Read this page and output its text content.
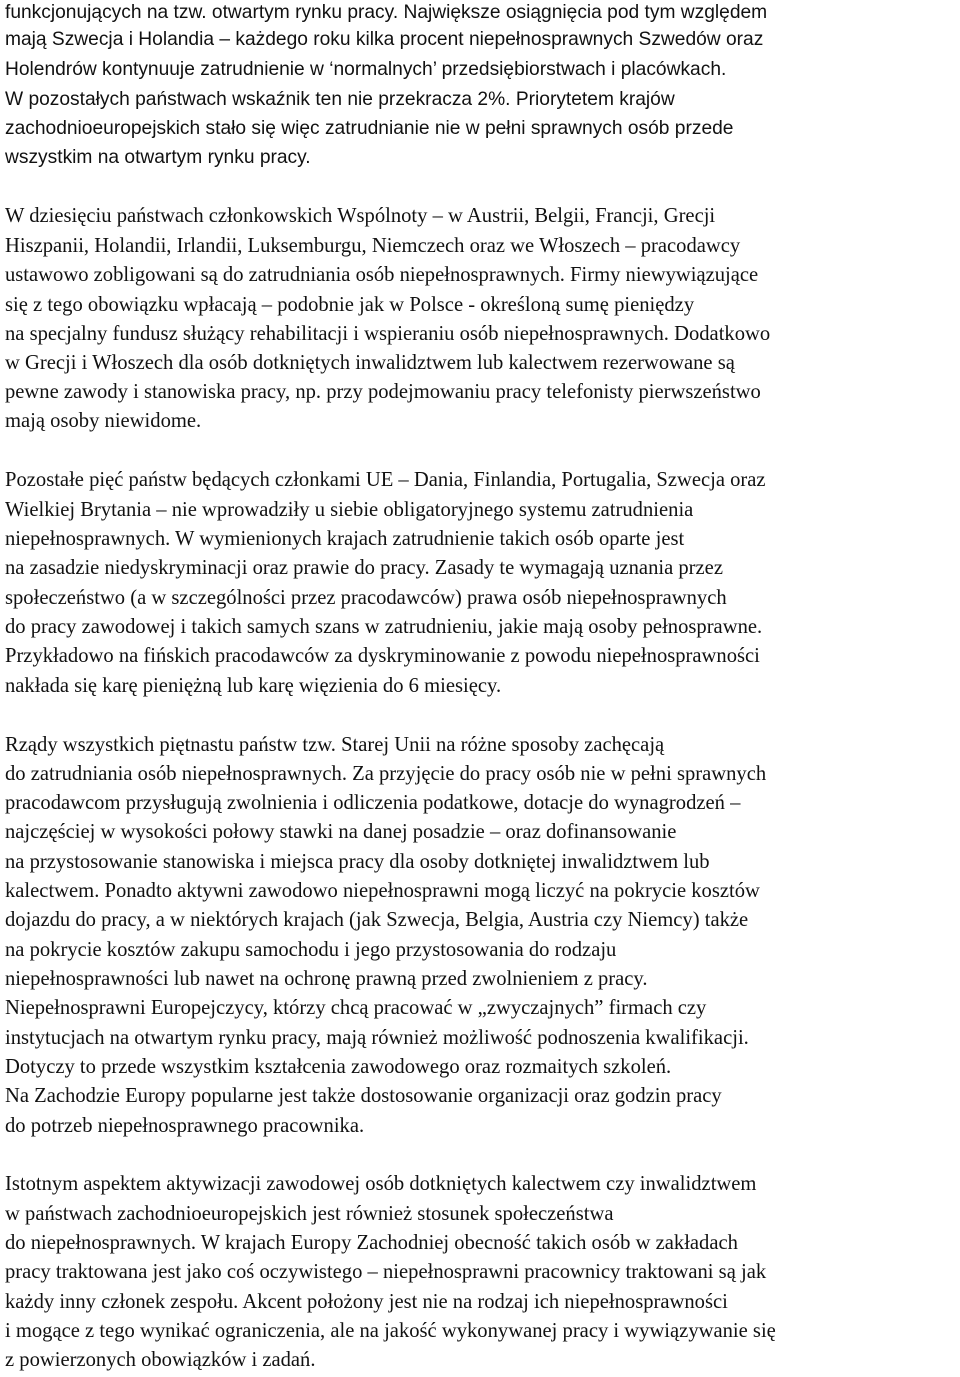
funkcjonujących na tzw. otwartym rynku pracy. Największe osiągnięcia pod tym względem
mają Szwecja i Holandia – każdego roku kilka procent niepełnosprawnych Szwedów oraz
Holendrów kontynuuje zatrudnienie w ‘normalnych’ przedsiębiorstwach i placówkach.
W pozostałych państwach wskaźnik ten nie przekracza 2%. Priorytetem krajów
zachodnioeuropejskich stało się więc zatrudnianie nie w pełni sprawnych osób przede
wszystkim na otwartym rynku pracy.
W dziesięciu państwach członkowskich Wspólnoty – w Austrii, Belgii, Francji, Grecji
Hiszpanii, Holandii, Irlandii, Luksemburgu, Niemczech oraz we Włoszech – pracodawcy
ustawowo zobligowani są do zatrudniania osób niepełnosprawnych. Firmy niewywiązujące
się z tego obowiązku wpłacają – podobnie jak w Polsce - określoną sumę pieniędzy
na specjalny fundusz służący rehabilitacji i wspieraniu osób niepełnosprawnych. Dodatkowo
w Grecji i Włoszech dla osób dotkniętych inwalidztwem lub kalectwem rezerwowane są
pewne zawody i stanowiska pracy, np. przy podejmowaniu pracy telefonisty pierwszeństwo
mają osoby niewidome.
Pozostałe pięć państw będących członkami UE – Dania, Finlandia, Portugalia, Szwecja oraz
Wielkiej Brytania – nie wprowadziły u siebie obligatoryjnego systemu zatrudnienia
niepełnosprawnych. W wymienionych krajach zatrudnienie takich osób oparte jest
na zasadzie niedyskryminacji oraz prawie do pracy. Zasady te wymagają uznania przez
społeczeństwo (a w szczególności przez pracodawców) prawa osób niepełnosprawnych
do pracy zawodowej i takich samych szans w zatrudnieniu, jakie mają osoby pełnosprawne.
Przykładowo na fińskich pracodawców za dyskryminowanie z powodu niepełnosprawności
nakłada się karę pieniężną lub karę więzienia do 6 miesięcy.
Rządy wszystkich piętnastu państw tzw. Starej Unii na różne sposoby zachęcają
do zatrudniania osób niepełnosprawnych. Za przyjęcie do pracy osób nie w pełni sprawnych
pracodawcom przysługują zwolnienia i odliczenia podatkowe, dotacje do wynagrodzeń –
najczęściej w wysokości połowy stawki na danej posadzie – oraz dofinansowanie
na przystosowanie stanowiska i miejsca pracy dla osoby dotkniętej inwalidztwem lub
kalectwem. Ponadto aktywni zawodowo niepełnosprawni mogą liczyć na pokrycie kosztów
dojazdu do pracy, a w niektórych krajach (jak Szwecja, Belgia, Austria czy Niemcy) także
na pokrycie kosztów zakupu samochodu i jego przystosowania do rodzaju
niepełnosprawności lub nawet na ochronę prawną przed zwolnieniem z pracy.
Niepełnosprawni Europejczycy, którzy chcą pracować w „zwyczajnych” firmach czy
instytucjach na otwartym rynku pracy, mają również możliwość podnoszenia kwalifikacji.
Dotyczy to przede wszystkim kształcenia zawodowego oraz rozmaitych szkoleń.
Na Zachodzie Europy popularne jest także dostosowanie organizacji oraz godzin pracy
do potrzeb niepełnosprawnego pracownika.
Istotnym aspektem aktywizacji zawodowej osób dotkniętych kalectwem czy inwalidztwem
w państwach zachodnioeuropejskich jest również stosunek społeczeństwa
do niepełnosprawnych. W krajach Europy Zachodniej obecność takich osób w zakładach
pracy traktowana jest jako coś oczywistego – niepełnosprawni pracownicy traktowani są jak
każdy inny członek zespołu. Akcent położony jest nie na rodzaj ich niepełnosprawności
i mogące z tego wynikać ograniczenia, ale na jakość wykonywanej pracy i wywiązywanie się
z powierzonych obowiązków i zadań.
